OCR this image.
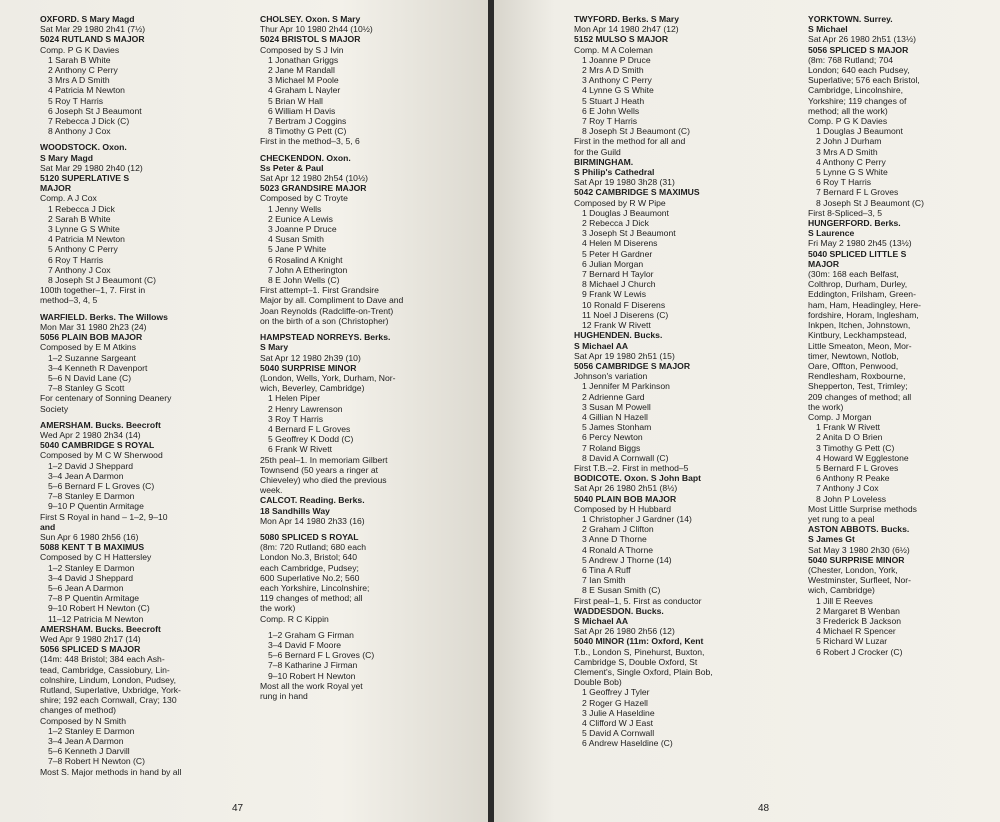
OXFORD. S Mary Magd
Sat Mar 29 1980 2h41 (7½)
5024 RUTLAND S MAJOR
Comp. P G K Davies
1 Sarah B White
2 Anthony C Perry
3 Mrs A D Smith
4 Patricia M Newton
5 Roy T Harris
6 Joseph St J Beaumont
7 Rebecca J Dick (C)
8 Anthony J Cox
WOODSTOCK. Oxon.
S Mary Magd
Sat Mar 29 1980 2h40 (12)
5120 SUPERLATIVE S
MAJOR
Comp. A J Cox
1 Rebecca J Dick
2 Sarah B White
3 Lynne G S White
4 Patricia M Newton
5 Anthony C Perry
6 Roy T Harris
7 Anthony J Cox
8 Joseph St J Beaumont (C)
100th together–1, 7. First in
method–3, 4, 5
WARFIELD. Berks. The Willows
Mon Mar 31 1980 2h23 (24)
5056 PLAIN BOB MAJOR
Composed by E M Atkins
1–2 Suzanne Sargeant
3–4 Kenneth R Davenport
5–6 N David Lane (C)
7–8 Stanley G Scott
For centenary of Sonning Deanery
Society
AMERSHAM. Bucks. Beecroft
Wed Apr 2 1980 2h34 (14)
5040 CAMBRIDGE S ROYAL
Composed by M C W Sherwood
1–2 David J Sheppard
3–4 Jean A Darmon
5–6 Bernard F L Groves (C)
7–8 Stanley E Darmon
9–10 P Quentin Armitage
First S Royal in hand – 1–2, 9–10
and
Sun Apr 6 1980 2h56 (16)
5088 KENT T B MAXIMUS
Composed by C H Hattersley
1–2 Stanley E Darmon
3–4 David J Sheppard
5–6 Jean A Darmon
7–8 P Quentin Armitage
9–10 Robert H Newton (C)
11–12 Patricia M Newton
AMERSHAM. Bucks. Beecroft
Wed Apr 9 1980 2h17 (14)
5056 SPLICED S MAJOR
(14m: 448 Bristol; 384 each Ash-
tead, Cambridge, Cassiobury, Lin-
colnshire, Lindum, London, Pudsey,
Rutland, Superlative, Uxbridge, York-
shire; 192 each Cornwall, Cray; 130
changes of method)
Composed by N Smith
1–2 Stanley E Darmon
3–4 Jean A Darmon
5–6 Kenneth J Darvill
7–8 Robert H Newton (C)
Most S. Major methods in hand by all
CHOLSEY. Oxon. S Mary
Thur Apr 10 1980 2h44 (10½)
5024 BRISTOL S MAJOR
Composed by S J Ivin
1 Jonathan Griggs
2 Jane M Randall
3 Michael M Poole
4 Graham L Nayler
5 Brian W Hall
6 William H Davis
7 Bertram J Coggins
8 Timothy G Pett (C)
First in the method–3, 5, 6
CHECKENDON. Oxon.
Ss Peter & Paul
Sat Apr 12 1980 2h54 (10½)
5023 GRANDSIRE MAJOR
Composed by C Troyte
1 Jenny Wells
2 Eunice A Lewis
3 Joanne P Druce
4 Susan Smith
5 Jane P White
6 Rosalind A Knight
7 John A Etherington
8 E John Wells (C)
First attempt–1. First Grandsire
Major by all. Compliment to Dave and
Joan Reynolds (Radcliffe-on-Trent)
on the birth of a son (Christopher)
HAMPSTEAD NORREYS. Berks.
S Mary
Sat Apr 12 1980 2h39 (10)
5040 SURPRISE MINOR
(London, Wells, York, Durham, Nor-
wich, Beverley, Cambridge)
1 Helen Piper
2 Henry Lawrenson
3 Roy T Harris
4 Bernard F L Groves
5 Geoffrey K Dodd (C)
6 Frank W Rivett
25th peal–1. In memoriam Gilbert
Townsend (50 years a ringer at
Chieveley) who died the previous
week.
CALCOT. Reading. Berks.
18 Sandhills Way
Mon Apr 14 1980 2h33 (16)
5080 SPLICED S ROYAL
(8m: 720 Rutland; 680 each
London No.3, Bristol; 640
each Cambridge, Pudsey;
600 Superlative No.2; 560
each Yorkshire, Lincolnshire;
119 changes of method; all
the work)
Comp. R C Kippin
1–2 Graham G Firman
3–4 David F Moore
5–6 Bernard F L Groves (C)
7–8 Katharine J Firman
9–10 Robert H Newton
Most all the work Royal yet
rung in hand
47
TWYFORD. Berks. S Mary
Mon Apr 14 1980 2h47 (12)
5152 MULSO S MAJOR
Comp. M A Coleman
1 Joanne P Druce
2 Mrs A D Smith
3 Anthony C Perry
4 Lynne G S White
5 Stuart J Heath
6 E John Wells
7 Roy T Harris
8 Joseph St J Beaumont (C)
First in the method for all and
for the Guild
BIRMINGHAM.
S Philip's Cathedral
Sat Apr 19 1980 3h28 (31)
5042 CAMBRIDGE S MAXIMUS
Composed by R W Pipe
1 Douglas J Beaumont
2 Rebecca J Dick
3 Joseph St J Beaumont
4 Helen M Diserens
5 Peter H Gardner
6 Julian Morgan
7 Bernard H Taylor
8 Michael J Church
9 Frank W Lewis
10 Ronald F Diserens
11 Noel J Diserens (C)
12 Frank W Rivett
HUGHENDEN. Bucks.
S Michael AA
Sat Apr 19 1980 2h51 (15)
5056 CAMBRIDGE S MAJOR
Johnson's variation
1 Jennifer M Parkinson
2 Adrienne Gard
3 Susan M Powell
4 Gillian N Hazell
5 James Stonham
6 Percy Newton
7 Roland Biggs
8 David A Cornwall (C)
First T.B.–2. First in method–5
BODICOTE. Oxon. S John Bapt
Sat Apr 26 1980 2h51 (8½)
5040 PLAIN BOB MAJOR
Composed by H Hubbard
1 Christopher J Gardner (14)
2 Graham J Clifton
3 Anne D Thorne
4 Ronald A Thorne
5 Andrew J Thorne (14)
6 Tina A Ruff
7 Ian Smith
8 E Susan Smith (C)
First peal–1, 5. First as conductor
WADDESDON. Bucks.
S Michael AA
Sat Apr 26 1980 2h56 (12)
5040 MINOR (11m: Oxford, Kent
T.b., London S, Pinehurst, Buxton,
Cambridge S, Double Oxford, St
Clement's, Single Oxford, Plain Bob,
Double Bob)
1 Geoffrey J Tyler
2 Roger G Hazell
3 Julie A Haseldine
4 Clifford W J East
5 David A Cornwall
6 Andrew Haseldine (C)
YORKTOWN. Surrey.
S Michael
Sat Apr 26 1980 2h51 (13½)
5056 SPLICED S MAJOR
(8m: 768 Rutland; 704
London; 640 each Pudsey,
Superlative; 576 each Bristol,
Cambridge, Lincolnshire,
Yorkshire; 119 changes of
method; all the work)
Comp. P G K Davies
1 Douglas J Beaumont
2 John J Durham
3 Mrs A D Smith
4 Anthony C Perry
5 Lynne G S White
6 Roy T Harris
7 Bernard F L Groves
8 Joseph St J Beaumont (C)
First 8-Spliced–3, 5
HUNGERFORD. Berks.
S Laurence
Fri May 2 1980 2h45 (13½)
5040 SPLICED LITTLE S
MAJOR
(30m: 168 each Belfast,
Colthrop, Durham, Durley,
Eddington, Frilsham, Green-
ham, Ham, Headingley, Here-
fordshire, Horam, Inglesham,
Inkpen, Itchen, Johnstown,
Kintbury, Leckhampstead,
Little Smeaton, Meon, Mor-
timer, Newtown, Notlob,
Oare, Offton, Penwood,
Rendlesham, Roxbourne,
Shepperton, Test, Trimley;
209 changes of method; all
the work)
Comp. J Morgan
1 Frank W Rivett
2 Anita D O Brien
3 Timothy G Pett (C)
4 Howard W Egglestone
5 Bernard F L Groves
6 Anthony R Peake
7 Anthony J Cox
8 John P Loveless
Most Little Surprise methods
yet rung to a peal
ASTON ABBOTS. Bucks.
S James Gt
Sat May 3 1980 2h30 (6½)
5040 SURPRISE MINOR
(Chester, London, York,
Westminster, Surfleet, Nor-
wich, Cambridge)
1 Jill E Reeves
2 Margaret B Wenban
3 Frederick B Jackson
4 Michael R Spencer
5 Richard W Luzar
6 Robert J Crocker (C)
48
